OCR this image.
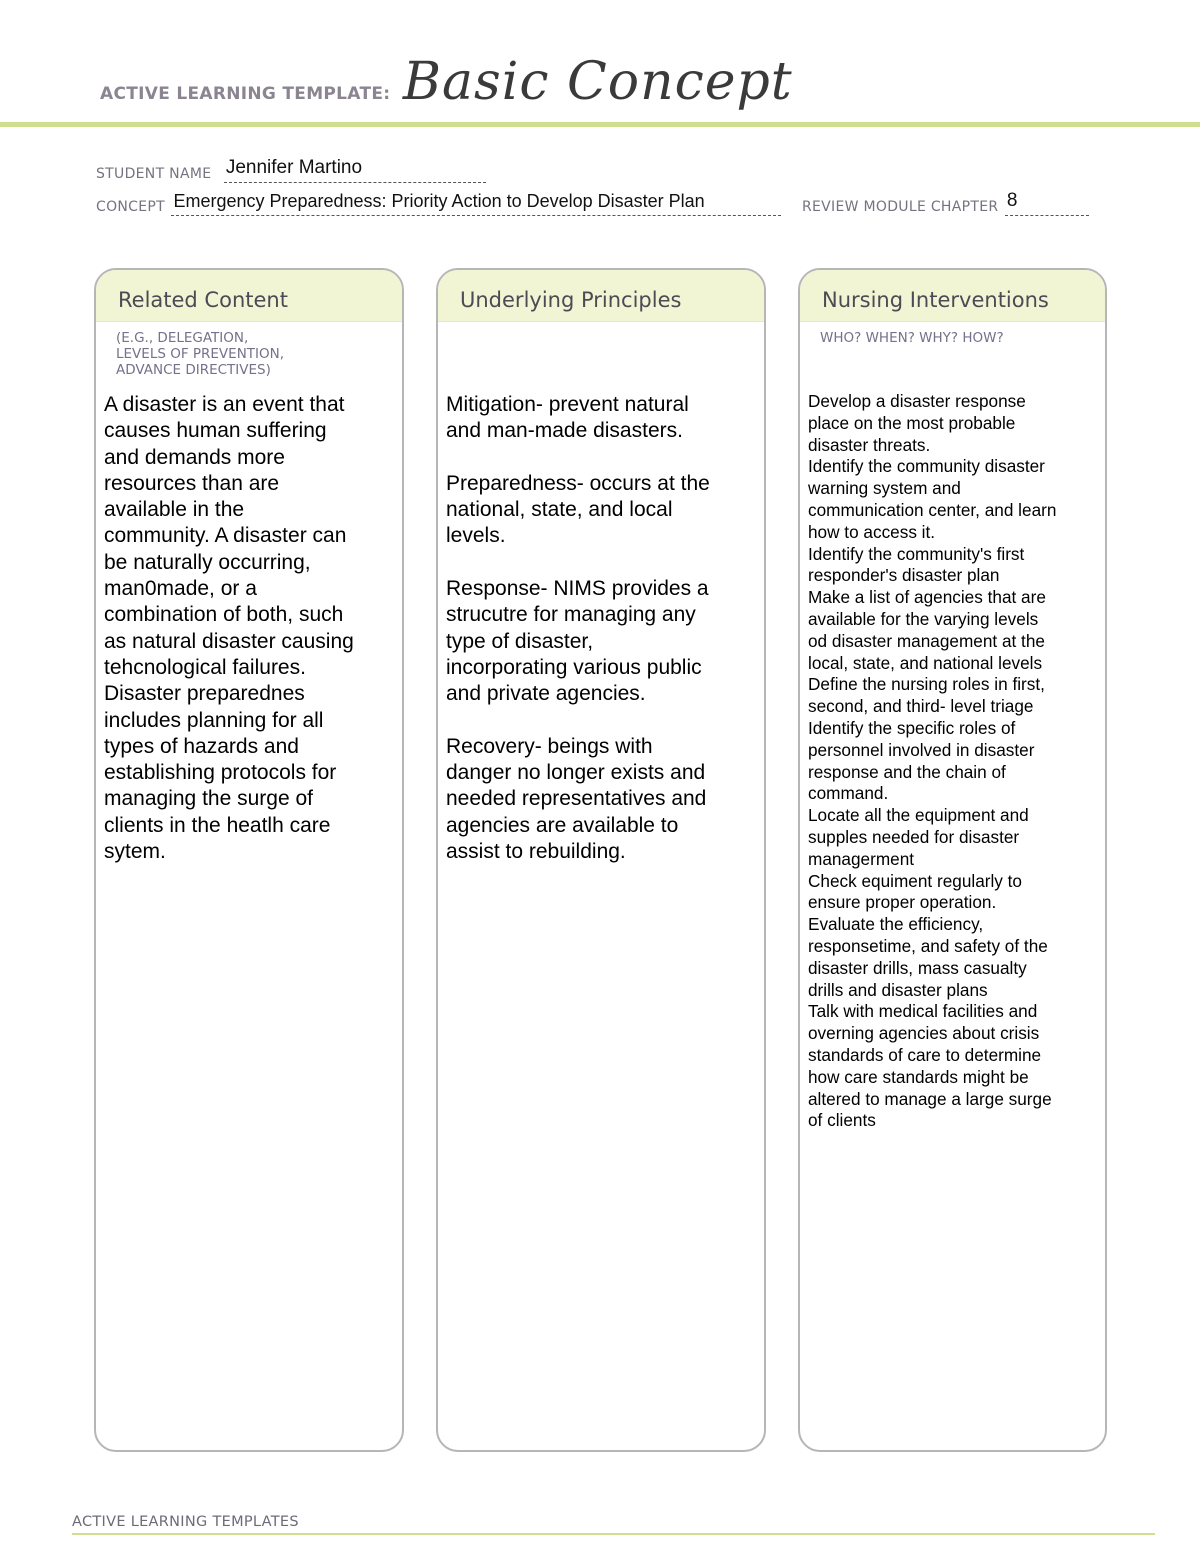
ACTIVE LEARNING TEMPLATE: Basic Concept
STUDENT NAME Jennifer Martino
CONCEPT Emergency Preparedness: Priority Action to Develop Disaster Plan	REVIEW MODULE CHAPTER 8
Related Content
(E.G., DELEGATION,
LEVELS OF PREVENTION,
ADVANCE DIRECTIVES)
A disaster is an event that
causes human suffering
and demands more
resources than are
available in the
community. A disaster can
be naturally occurring,
man0made, or a
combination of both, such
as natural disaster causing
tehcnological failures.
Disaster preparednes
includes planning for all
types of hazards and
establishing protocols for
managing the surge of
clients in the heatlh care
sytem.
Underlying Principles
Mitigation- prevent natural
and man-made disasters.

Preparedness- occurs at the
national, state, and local
levels.

Response- NIMS provides a
strucutre for managing any
type of disaster,
incorporating various public
and private agencies.

Recovery- beings with
danger no longer exists and
needed representatives and
agencies are available to
assist to rebuilding.
Nursing Interventions
WHO? WHEN? WHY? HOW?
Develop a disaster response
place on the most probable
disaster threats.
Identify the community disaster
warning system and
communication center, and learn
how to access it.
Identify the community's first
responder's disaster plan
Make a list of agencies that are
available for the varying levels
od disaster management at the
local, state, and national levels
Define the nursing roles in first,
second, and third- level triage
Identify the specific roles of
personnel involved in disaster
response and the chain of
command.
Locate all the equipment and
supples needed for disaster
managerment
Check equiment regularly to
ensure proper operation.
Evaluate the efficiency,
responsetime, and safety of the
disaster drills, mass casualty
drills and disaster plans
Talk with medical facilities and
overning agencies about crisis
standards of care to determine
how care standards might be
altered to manage a large surge
of clients
ACTIVE LEARNING TEMPLATES
